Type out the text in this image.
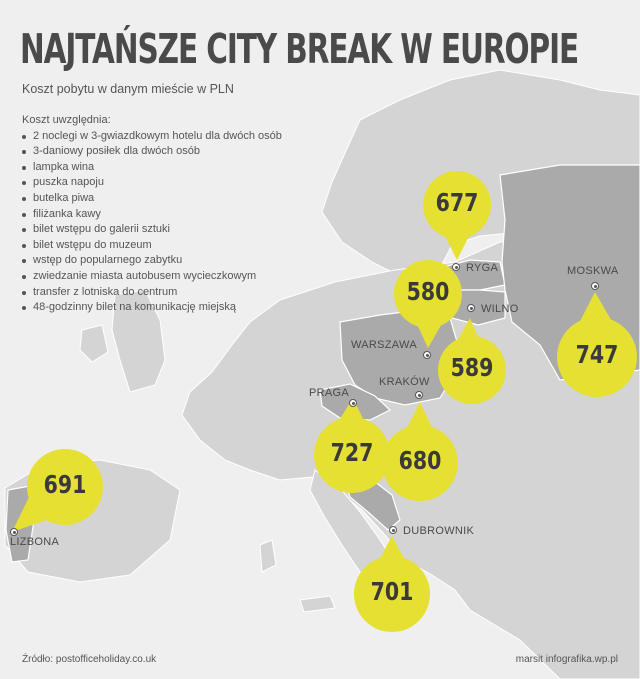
NAJTAŃSZE CITY BREAK W EUROPIE
Koszt pobytu w danym mieście w PLN
Koszt uwzględnia:
2 noclegi w 3-gwiazdkowym hotelu dla dwóch osób
3-daniowy posiłek dla dwóch osób
lampka wina
puszka napoju
butelka piwa
filiżanka kawy
bilet wstępu do galerii sztuki
bilet wstępu do muzeum
wstęp do popularnego zabytku
zwiedzanie miasta autobusem wycieczkowym
transfer z lotniska do centrum
48-godzinny bilet na komunikację miejską
677
580
589	747
727 680
691
701
RYGA
WILNO
WARSZAWA
MOSKWA
PRAGA
KRAKÓW
LIZBONA
DUBROWNIK
Źródło: postofficeholiday.co.uk	marsit infografika.wp.pl
